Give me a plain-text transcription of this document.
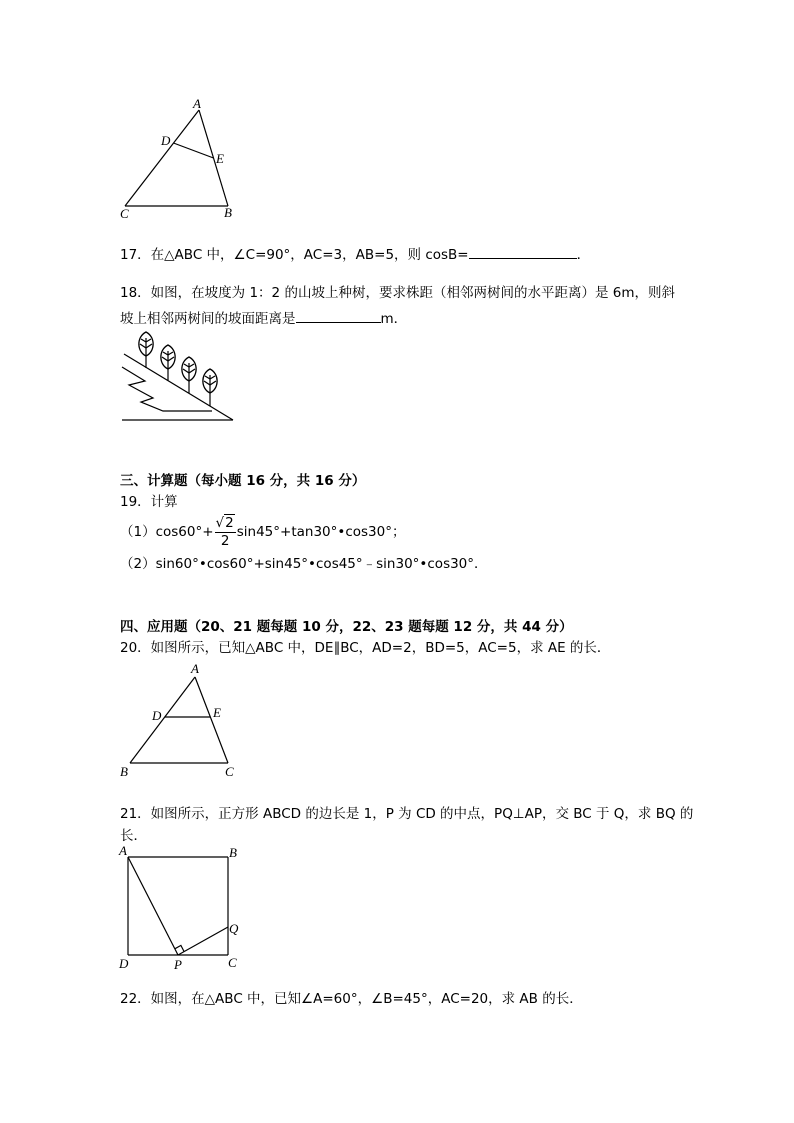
A
D
E
C	B
17．在△ABC 中，∠C=90°，AC=3，AB=5，则 cosB=	．
18．如图，在坡度为 1：2 的山坡上种树，要求株距（相邻两树间的水平距离）是 6m，则斜
坡上相邻两树间的坡面距离是	m．
三、计算题（每小题 16 分，共 16 分）
19．计算
$(1)\cos 60^\circ+ \frac{√2}{2}$ sin45°+tan30°•cos30°；
（2）sin60°•cos60°+sin45°•cos45°﹣sin30°•cos30°．
四、应用题（20、21 题每题 10 分，22、23 题每题 12 分，共 44 分）
20．如图所示，已知△ABC 中，DE∥BC，AD=2，BD=5，AC=5，求 AE 的长．
A
D	E
B	C
21．如图所示，正方形 ABCD 的边长是 1，P 为 CD 的中点，PQ⊥AP，交 BC 于 Q，求 BQ 的
长．
A	B
Q
D	P	C
22．如图，在△ABC 中，已知∠A=60°，∠B=45°，AC=20，求 AB 的长．
